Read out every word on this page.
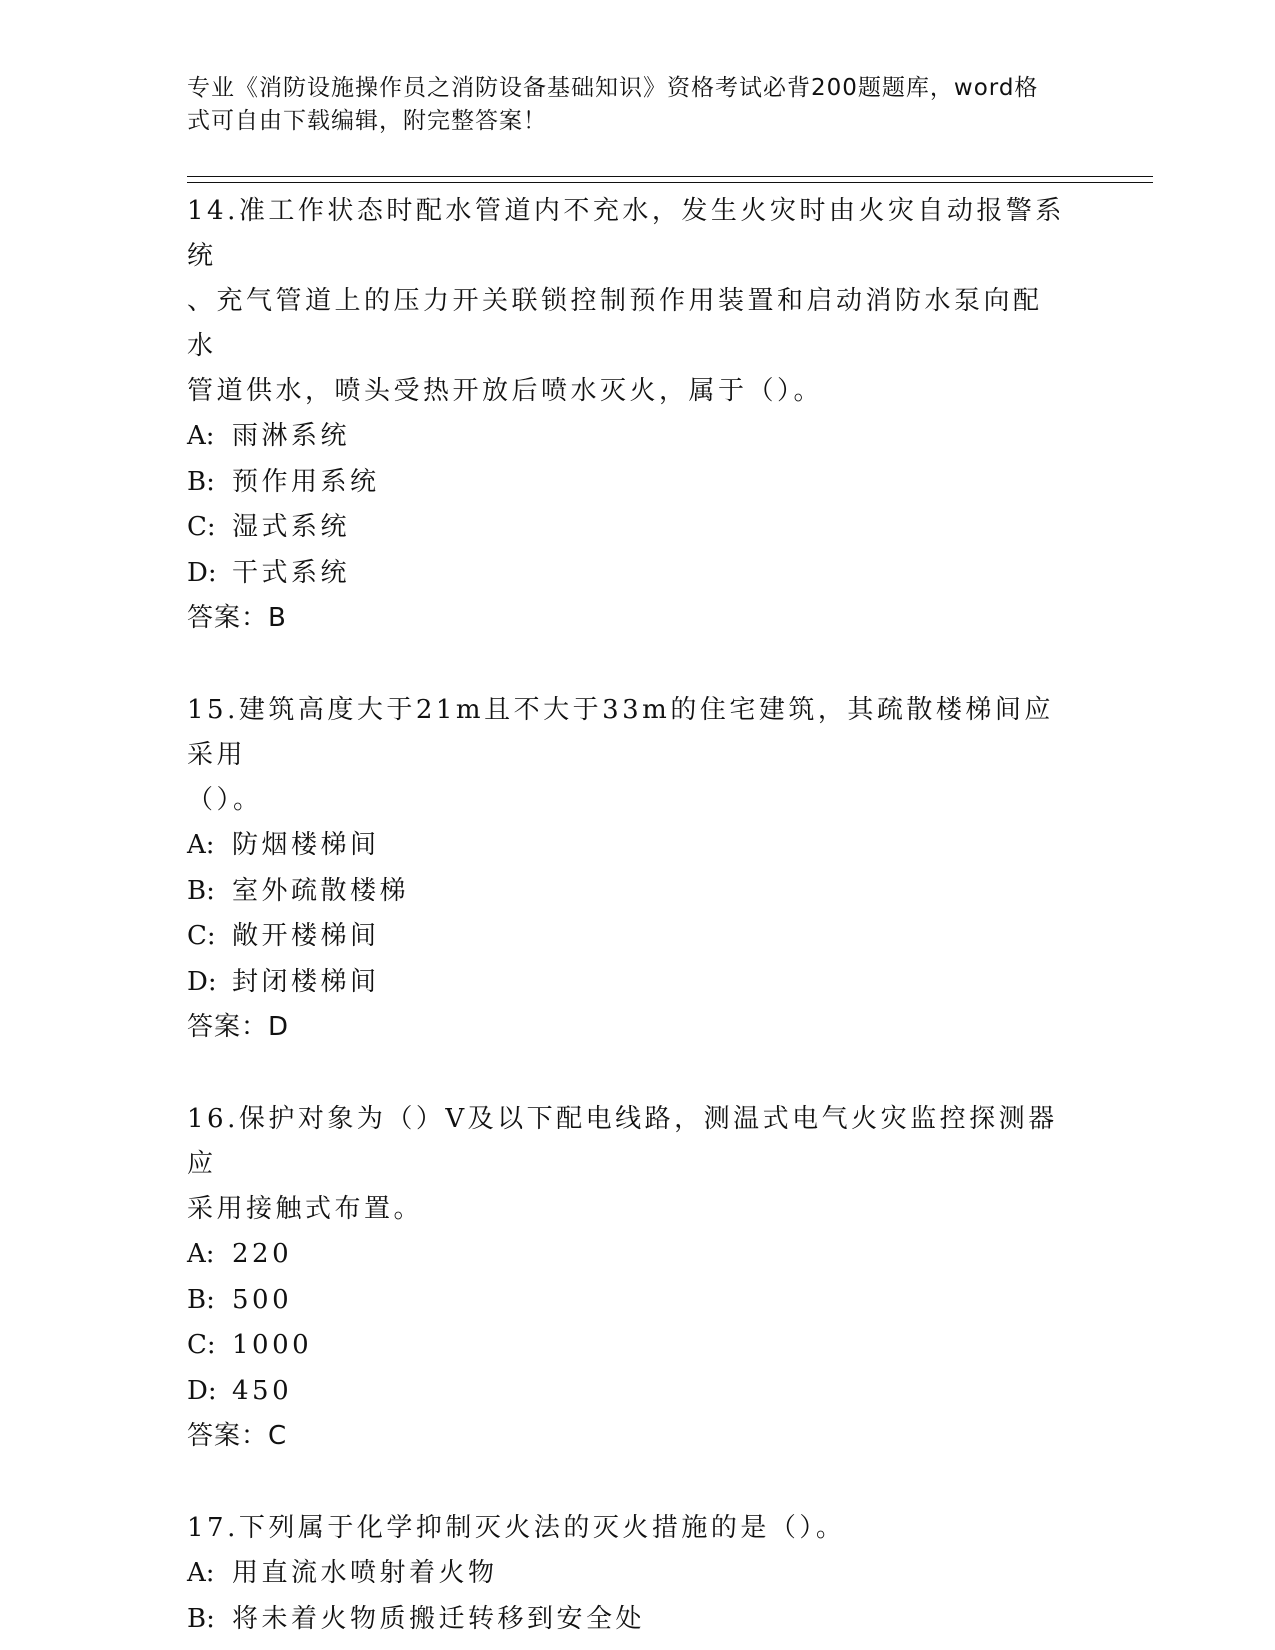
专业《消防设施操作员之消防设备基础知识》资格考试必背200题题库，word格
式可自由下载编辑，附完整答案！
14.准工作状态时配水管道内不充水，发生火灾时由火灾自动报警系统
、充气管道上的压力开关联锁控制预作用装置和启动消防水泵向配水
管道供水，喷头受热开放后喷水灭火，属于（）。
A: 雨淋系统
B: 预作用系统
C: 湿式系统
D: 干式系统
答案：B
15.建筑高度大于21m且不大于33m的住宅建筑，其疏散楼梯间应采用
（）。
A: 防烟楼梯间
B: 室外疏散楼梯
C: 敞开楼梯间
D: 封闭楼梯间
答案：D
16.保护对象为（）V及以下配电线路，测温式电气火灾监控探测器应
采用接触式布置。
A: 220
B: 500
C: 1000
D: 450
答案：C
17.下列属于化学抑制灭火法的灭火措施的是（）。
A: 用直流水喷射着火物
B: 将未着火物质搬迁转移到安全处
